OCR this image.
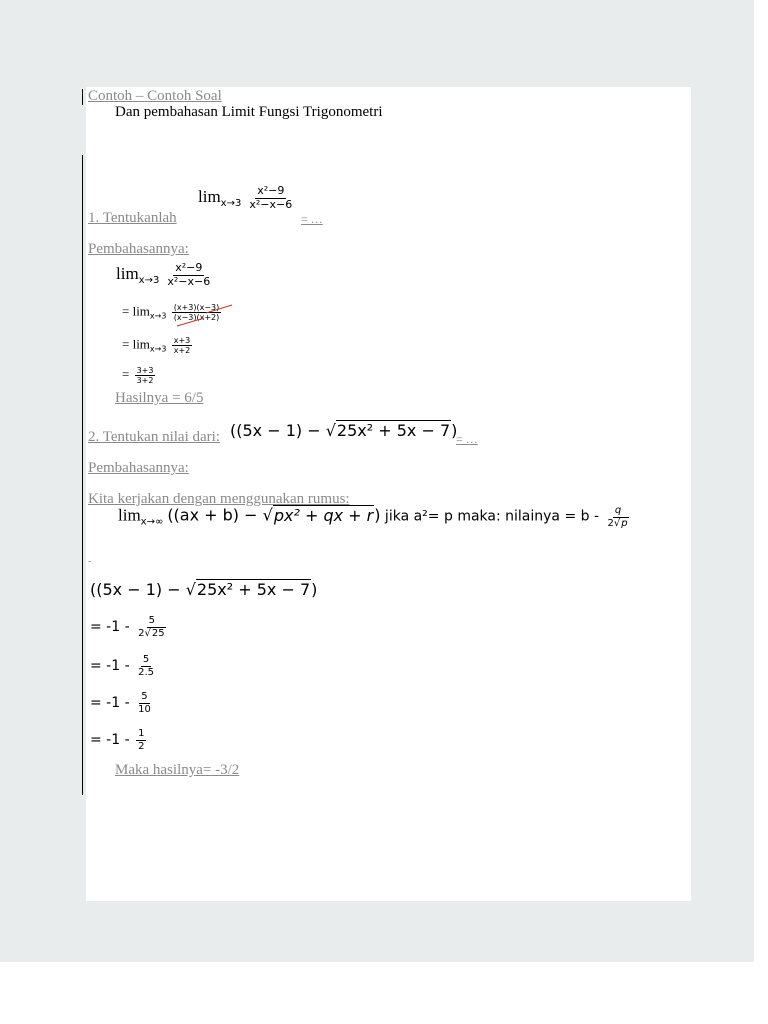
Contoh – Contoh Soal
Dan pembahasan Limit Fungsi Trigonometri
1. Tentukanlah
$\lim_{x\to 3} \frac{\text{x²−9}}{\text{x²−x−6}}$
= …
Pembahasannya:
$\lim_{x\to 3} \frac{\text{x²−9}}{\text{x²−x−6}}$
= $\lim_{x\to 3} \frac{(x+3)(x-3)}{(x-3)(x+2)}$
= $\lim_{x\to 3} \frac{x+3}{x+2}$
= $\frac{3+3}{3+2}$
Hasilnya = 6/5
2. Tentukan nilai dari: ((5x − 1) − √25x² + 5x − 7)
= …
Pembahasannya:
Kita kerjakan dengan menggunakan rumus:
$\lim_{x\to\infty} ((ax + b) - √px^2$ + qx + r) jika a²= p maka: nilainya = b - $\frac{q}{2√p}$
-
((5x − 1) − √25x² + 5x − 7)
= $-1 - \frac{5}{2√25}$
= $-1 - \frac{5}{2.5}$
= $-1 - \frac{5}{10}$
= $-1 - \frac{1}{2}$
Maka hasilnya= -3/2
